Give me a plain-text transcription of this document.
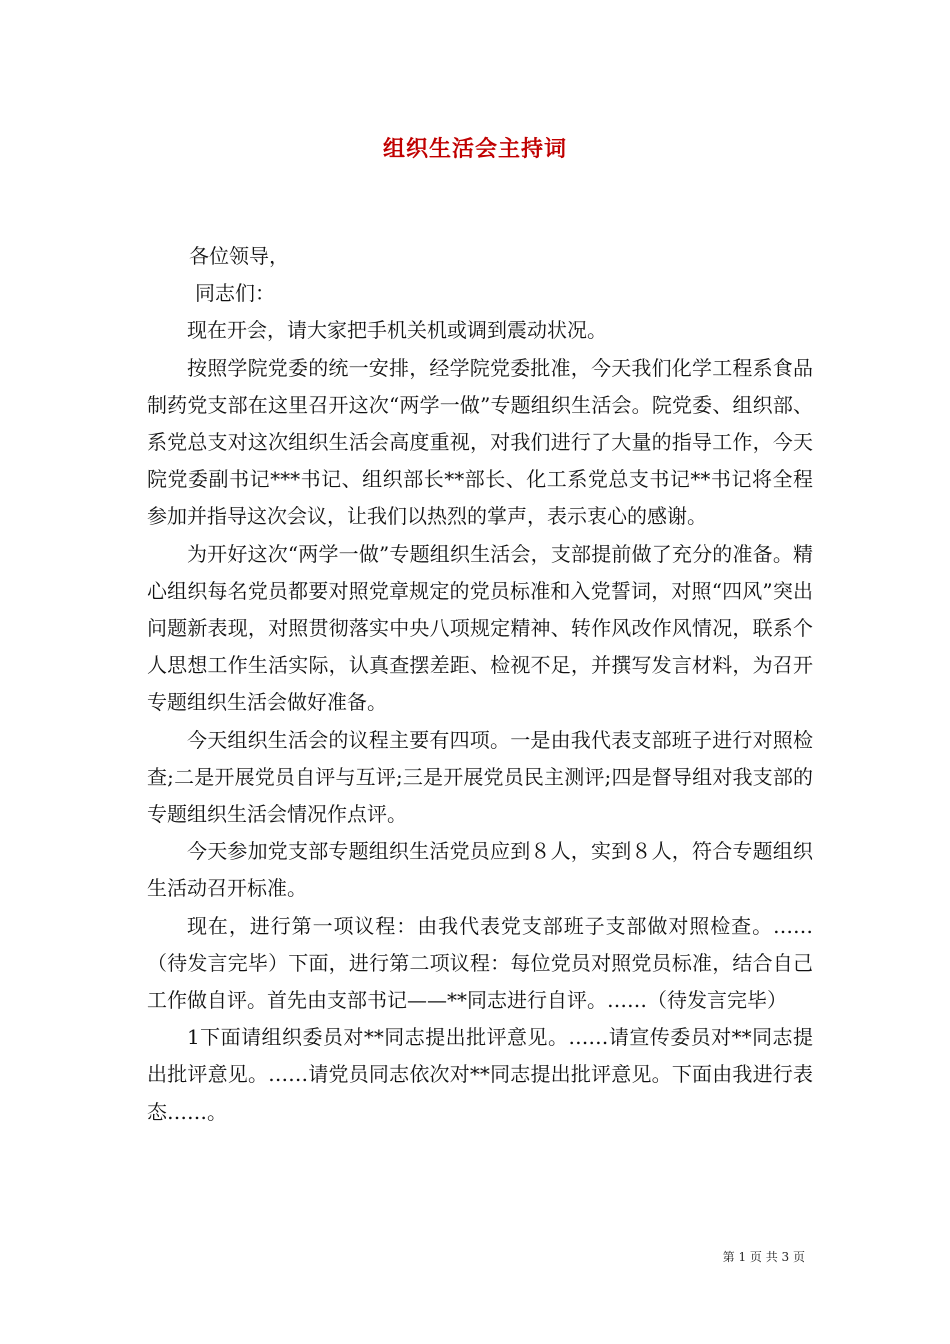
组织生活会主持词

各位领导，

同志们：

现在开会，请大家把手机关机或调到震动状况。

按照学院党委的统一安排，经学院党委批准，今天我们化学工程系食品制药党支部在这里召开这次“两学一做”专题组织生活会。院党委、组织部、系党总支对这次组织生活会高度重视，对我们进行了大量的指导工作，今天院党委副书记***书记、组织部长**部长、化工系党总支书记**书记将全程参加并指导这次会议，让我们以热烈的掌声，表示衷心的感谢。

为开好这次“两学一做”专题组织生活会，支部提前做了充分的准备。精心组织每名党员都要对照党章规定的党员标准和入党誓词，对照“四风”突出问题新表现，对照贯彻落实中央八项规定精神、转作风改作风情况，联系个人思想工作生活实际，认真查摆差距、检视不足，并撰写发言材料，为召开专题组织生活会做好准备。

今天组织生活会的议程主要有四项。一是由我代表支部班子进行对照检查;二是开展党员自评与互评;三是开展党员民主测评;四是督导组对我支部的专题组织生活会情况作点评。

今天参加党支部专题组织生活党员应到８人，实到８人，符合专题组织生活动召开标准。

现在，进行第一项议程：由我代表党支部班子支部做对照检查。……（待发言完毕）下面，进行第二项议程：每位党员对照党员标准，结合自己工作做自评。首先由支部书记——**同志进行自评。……（待发言完毕）

1下面请组织委员对**同志提出批评意见。……请宣传委员对**同志提出批评意见。……请党员同志依次对**同志提出批评意见。下面由我进行表态……。

第 1 页 共 3 页
